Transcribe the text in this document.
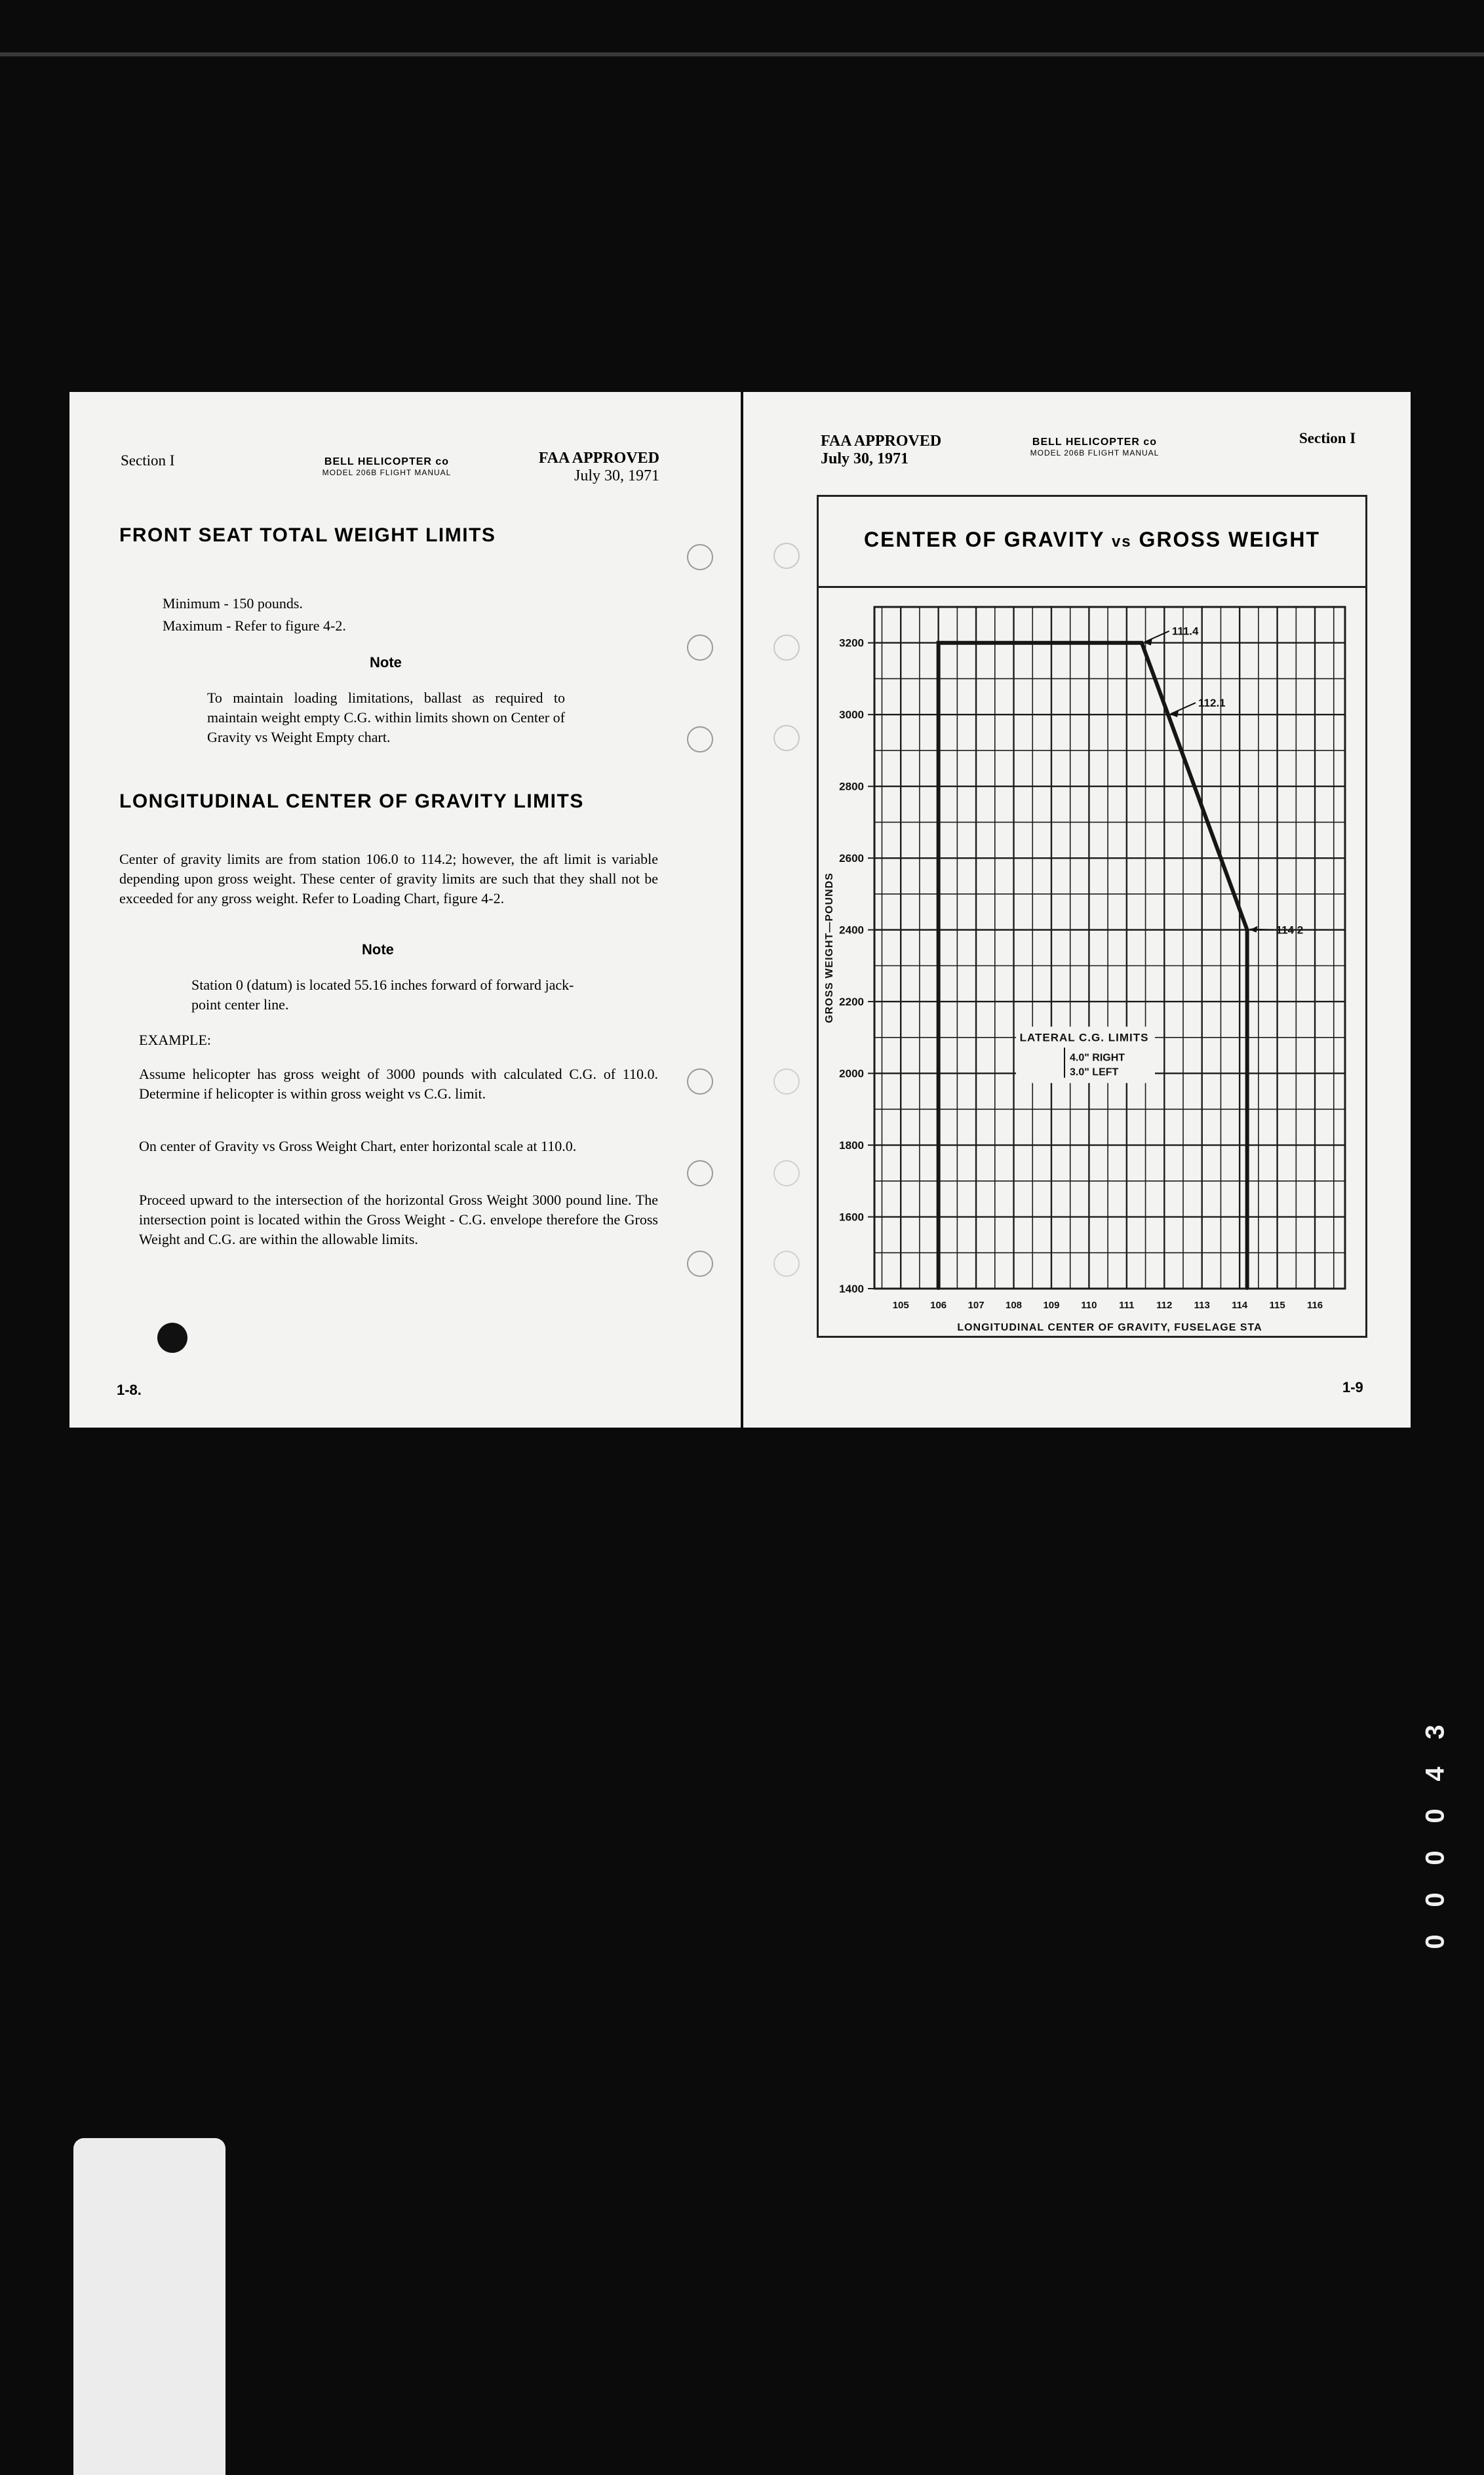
Section I	BELL HELICOPTER co
MODEL 206B FLIGHT MANUAL
FAA APPROVED
July 30, 1971
FRONT SEAT TOTAL WEIGHT LIMITS
Minimum - 150 pounds.
Maximum - Refer to figure 4-2.
Note
To maintain loading limitations, ballast as required to maintain weight empty C.G. within limits shown on Center of Gravity vs Weight Empty chart.
LONGITUDINAL CENTER OF GRAVITY LIMITS
Center of gravity limits are from station 106.0 to 114.2; however, the aft limit is variable depending upon gross weight. These center of gravity limits are such that they shall not be exceeded for any gross weight. Refer to Loading Chart, figure 4-2.
Note
Station 0 (datum) is located 55.16 inches forward of forward jack-point center line.
EXAMPLE:
Assume helicopter has gross weight of 3000 pounds with calculated C.G. of 110.0. Determine if helicopter is within gross weight vs C.G. limit.
On center of Gravity vs Gross Weight Chart, enter horizontal scale at 110.0.
Proceed upward to the intersection of the horizontal Gross Weight 3000 pound line. The intersection point is located within the Gross Weight - C.G. envelope therefore the Gross Weight and C.G. are within the allowable limits.
1-8.
FAA APPROVED
July 30, 1971
BELL HELICOPTER co
MODEL 206B FLIGHT MANUAL
Section I
CENTER OF GRAVITY vs GROSS WEIGHT
1400
1600
1800
2000
2200
2400
2600
2800
3000
3200
105 106 107 108 109 110 111 112 113 114 115 116
LONGITUDINAL CENTER OF GRAVITY, FUSELAGE STA
GROSS WEIGHT—POUNDS
111.4
112.1
114 2
LATERAL C.G. LIMITS
4.0" RIGHT
3.0" LEFT
1-9
0
0
0
0
4
3
